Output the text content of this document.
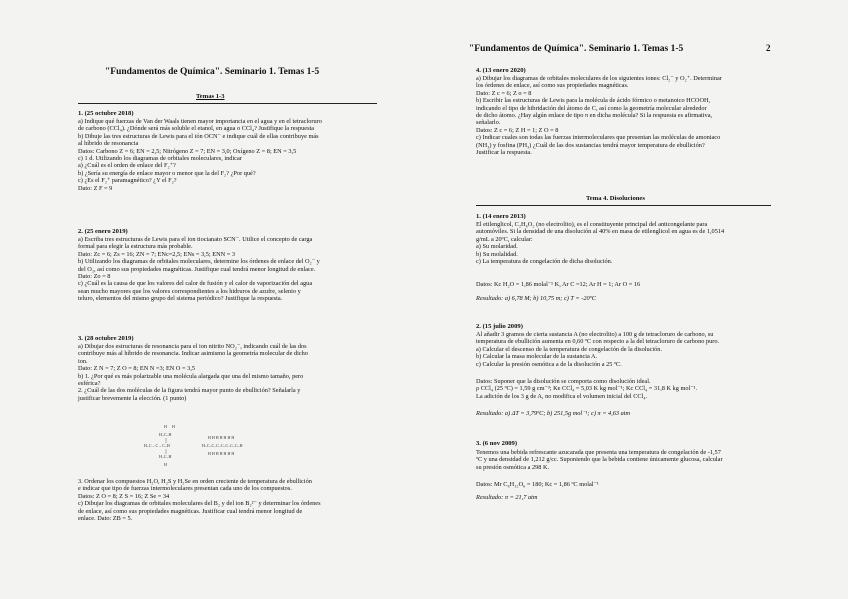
"Fundamentos de Química". Seminario 1. Temas 1-5
Temas 1-3
1. (25 octubre 2018)
a) Indique qué fuerzas de Van der Waals tienen mayor importancia en el agua y en el tetracloruro
de carbono (CCl₄). ¿Dónde será más soluble el etanol, en agua o CCl₄? Justifique la respuesta
b) Dibuje las tres estructuras de Lewis para el ión OCN⁻ e indique cuál de ellas contribuye más
al híbrido de resonancia
Datos: Carbono Z = 6; EN = 2,5; Nitrógeno Z = 7; EN = 3,0; Oxígeno Z = 8; EN = 3,5
c) 1 d. Utilizando los diagramas de orbitales moleculares, indicar
a) ¿Cuál es el orden de enlace del F₂⁺?
b) ¿Sería su energía de enlace mayor o menor que la del F₂? ¿Por qué?
c) ¿Es el F₂⁺ paramagnético? ¿Y el F₂?
Dato: Z F = 9
2. (25 enero 2019)
a) Escriba tres estructuras de Lewis para el ion tiocianato SCN⁻. Utilice el concepto de carga
formal para elegir la estructura más probable.
Dato: Zc = 6; Zs = 16; ZN = 7; ENc=2,5; ENs = 3,5; ENN = 3
b) Utilizando los diagramas de orbitales moleculares, determine los órdenes de enlace del O₂⁻ y
del O₂, así como sus propiedades magnéticas. Justifique cual tendrá menor longitud de enlace.
Dato: Zo = 8
c) ¿Cuál es la causa de que los valores del calor de fusión y el calor de vaporización del agua
sean mucho mayores que los valores correspondientes a los hidruros de azufre, selenio y
teluro, elementos del mismo grupo del sistema periódico? Justifique la respuesta.
3. (28 octubre 2019)
a) Dibujar dos estructuras de resonancia para el ion nitrito NO₂⁻, indicando cuál de las dos
contribuye más al híbrido de resonancia. Indicar asimismo la geometría molecular de dicho
ion.
Dato: Z N = 7; Z O = 8; EN N =3; EN O = 3,5
b) 1. ¿Por qué es más polarizable una molécula alargada que una del mismo tamaño, pero
esférica?
2. ¿Cuál de las dos moléculas de la figura tendrá mayor punto de ebullición? Señalarla y
justificar brevemente la elección. (1 punto)
H H
H–C–H
H–C – C – C–H
H–C–H
H
H H H H H H H
H–C–C–C–C–C–C–C–H
H H H H H H H
3. Ordenar los compuestos H₂O, H₂S y H₂Se en orden creciente de temperatura de ebullición
e indicar que tipo de fuerzas intermoleculares presentan cada uno de los compuestos.
Datos: Z O = 8; Z S = 16; Z Se = 34
c) Dibujar los diagramas de orbitales moleculares del B₂ y del ion B₂²⁻ y determinar los órdenes
de enlace, así como sus propiedades magnéticas. Justificar cual tendrá menor longitud de
enlace. Dato: ZB = 5.
"Fundamentos de Química". Seminario 1. Temas 1-5	2
4. (13 enero 2020)
a) Dibujar los diagramas de orbitales moleculares de los siguientes iones: Cl₂⁻ y O₂⁺. Determinar
los órdenes de enlace, así como sus propiedades magnéticas.
Dato: Z c = 6; Z o = 8
b) Escribir las estructuras de Lewis para la molécula de ácido fórmico o metanoico HCOOH,
indicando el tipo de hibridación del átomo de C, así como la geometría molecular alrededor
de dicho átomo. ¿Hay algún enlace de tipo π en dicha molécula? Si la respuesta es afirmativa,
señalarlo.
Datos: Z c = 6; Z H = 1; Z O = 8
c) Indicar cuales son todas las fuerzas intermoleculares que presentan las moléculas de amoniaco
(NH₃) y fosfina (PH₃) ¿Cuál de las dos sustancias tendrá mayor temperatura de ebullición?
Justificar la respuesta.
Tema 4. Disoluciones
1. (14 enero 2013)
El etilenglicol, C₂H₆O₂ (no electrolito), es el constituyente principal del anticongelante para
automóviles. Si la densidad de una disolución al 40% en masa de etilenglicol en agua es de 1,0514
g/mL a 20ºC, calcular:
a) Su molaridad.
b) Su molalidad.
c) La temperatura de congelación de dicha disolución.
Datos: Kc H₂O = 1,86 molal⁻¹ K, Ar C =12; Ar H = 1; Ar O = 16
Resultado: a) 6,78 M; b) 10,75 m; c) T = -20ºC
2. (15 julio 2009)
Al añadir 3 gramos de cierta sustancia A (no electrolito) a 100 g de tetracloruro de carbono, su
temperatura de ebullición aumenta en 0,60 ºC con respecto a la del tetracloruro de carbono puro.
a) Calcular el descenso de la temperatura de congelación de la disolución.
b) Calcular la masa molecular de la sustancia A.
c) Calcular la presión osmótica a de la disolución a 25 ºC.
Datos: Suponer que la disolución se comporta como disolución ideal.
ρ CCl₄ (25 ºC) = 1,59 g cm⁻³; Ke CCl₄ = 5,03 K kg mol⁻¹; Kc CCl₄ = 31,8 K kg mol⁻¹.
La adición de los 3 g de A, no modifica el volumen inicial del CCl₄.
Resultado: a) ΔT = 3,79ºC; b) 251,5g mol⁻¹; c) π = 4,63 atm
3. (6 nov 2009)
Tenemos una bebida refrescante azucarada que presenta una temperatura de congelación de -1,57
ºC y una densidad de 1,212 g/cc. Suponiendo que la bebida contiene únicamente glucosa, calcular
su presión osmótica a 298 K.
Datos: Mr C₆H₁₂O₆ = 180; Kc = 1,86 ºC molal⁻¹
Resultado: π = 21,7 atm
